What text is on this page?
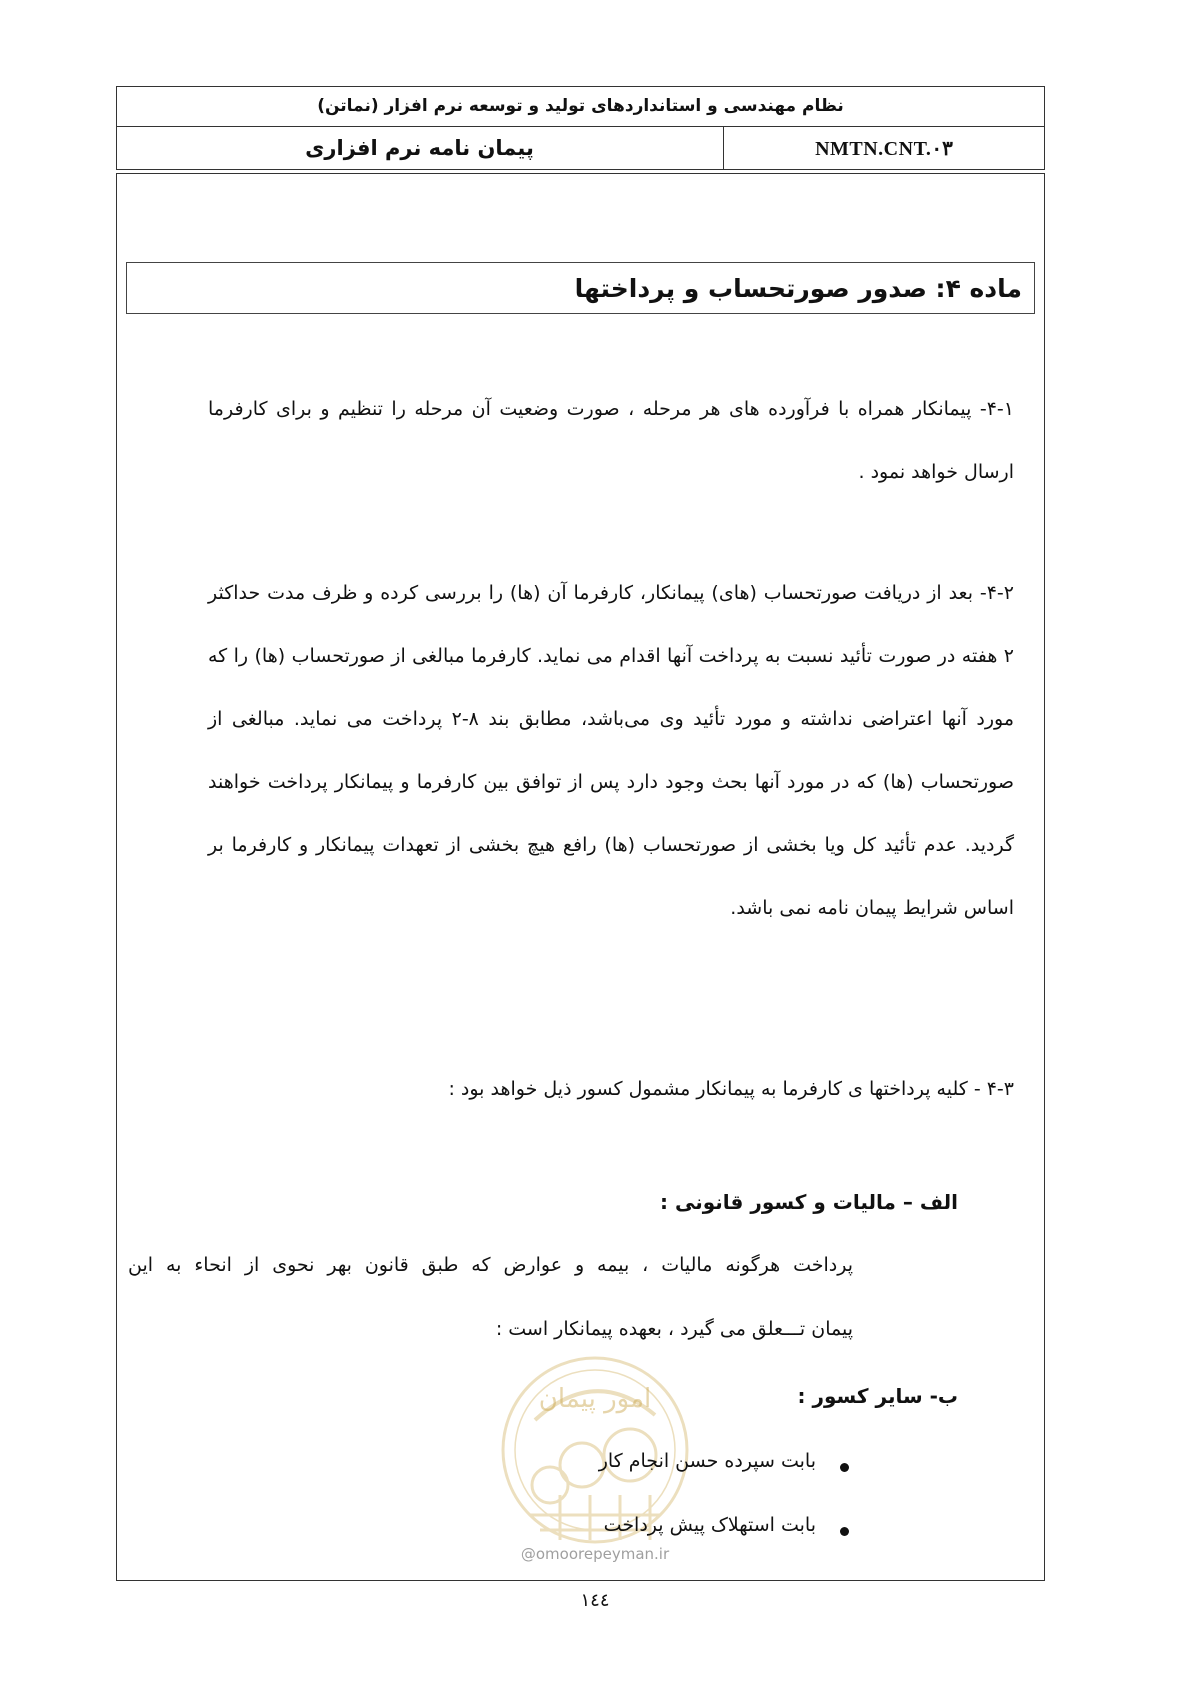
نظام مهندسی و استانداردهای تولید و توسعه نرم افزار (نماتن)
پیمان نامه نرم افزاری	NMTN.CNT.۰۳
ماده ۴: صدور صورتحساب و پرداختها
۴-۱- پیمانکار همراه با فرآورده های هر مرحله ، صورت وضعیت آن مرحله را تنظیم و برای کارفرما ارسال خواهد نمود .
۴-۲- بعد از دریافت صورتحساب (های) پیمانکار، کارفرما آن (ها) را بررسی کرده و ظرف مدت حداکثر ۲ هفته در صورت تأئید نسبت به پرداخت آنها اقدام می نماید. کارفرما مبالغی از صورتحساب (ها) را که مورد آنها اعتراضی نداشته و مورد تأئید وی می‌باشد، مطابق بند ۸-۲ پرداخت می نماید. مبالغی از صورتحساب (ها) که در مورد آنها بحث وجود دارد پس از توافق بین کارفرما و پیمانکار پرداخت خواهند گردید. عدم تأئید کل ویا بخشی از صورتحساب (ها) رافع هیچ بخشی از تعهدات پیمانکار و کارفرما بر اساس شرایط پیمان نامه نمی باشد.
۴-۳ - کلیه پرداختها ی کارفرما به پیمانکار مشمول کسور ذیل خواهد بود :
الف – مالیات و کسور قانونی :
پرداخت هرگونه مالیات ، بیمه و عوارض که طبق قانون بهر نحوی از انحاء به این
پیمان تـــعلق می گیرد ، بعهده پیمانکار است :
امور پیمان
@omoorepeyman.ir
ب- سایر کسور :
بابت سپرده حسن انجام کار
بابت استهلاک پیش پرداخت
۱٤٤
